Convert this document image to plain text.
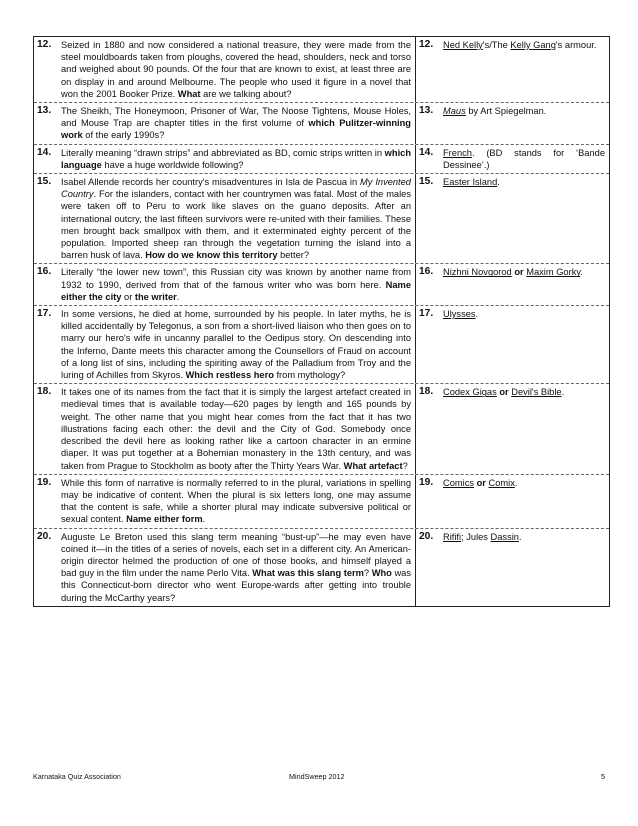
12.	Seized in 1880 and now considered a national treasure, they were made from the steel mouldboards taken from ploughs, covered the head, shoulders, neck and torso and weighed about 90 pounds. Of the four that are known to exist, at least three are on display in and around Melbourne. The people who used it figure in a novel that won the 2001 Booker Prize. What are we talking about?
12.	Ned Kelly's/The Kelly Gang's armour.
13.	The Sheikh, The Honeymoon, Prisoner of War, The Noose Tightens, Mouse Holes, and Mouse Trap are chapter titles in the first volume of which Pulitzer-winning work of the early 1990s?
13.	Maus by Art Spiegelman.
14.	Literally meaning “drawn strips” and abbreviated as BD, comic strips written in which language have a huge worldwide following?
14.	French. (BD stands for ‘Bande Dessinee’.)
15.	Isabel Allende records her country's misadventures in Isla de Pascua in My Invented Country. For the islanders, contact with her countrymen was fatal. Most of the males were taken off to Peru to work like slaves on the guano deposits. After an international outcry, the last fifteen survivors were re-united with their families. These men brought back smallpox with them, and it exterminated eighty percent of the population. Imported sheep ran through the vegetation turning the island into a barren husk of lava. How do we know this territory better?
15.	Easter Island.
16.	Literally “the lower new town”, this Russian city was known by another name from 1932 to 1990, derived from that of the famous writer who was born here. Name either the city or the writer.
16.	Nizhni Novgorod or Maxim Gorky.
17.	In some versions, he died at home, surrounded by his people. In later myths, he is killed accidentally by Telegonus, a son from a short-lived liaison who then goes on to marry our hero's wife in uncanny parallel to the Oedipus story. On descending into the Inferno, Dante meets this character among the Counsellors of Fraud on account of a long list of sins, including the spiriting away of the Palladium from Troy and the luring of Achilles from Skyros. Which restless hero from mythology?
17.	Ulysses.
18.	It takes one of its names from the fact that it is simply the largest artefact created in medieval times that is available today—620 pages by length and 165 pounds by weight. The other name that you might hear comes from the fact that it has two illustrations facing each other: the devil and the City of God. Somebody once described the devil here as looking rather like a cartoon character in an ermine diaper. It was put together at a Bohemian monastery in the 13th century, and was taken from Prague to Stockholm as booty after the Thirty Years War. What artefact?
18.	Codex Gigas or Devil's Bible.
19.	While this form of narrative is normally referred to in the plural, variations in spelling may be indicative of content. When the plural is six letters long, one may assume that the content is safe, while a shorter plural may indicate subversive political or sexual content. Name either form.
19.	Comics or Comix.
20.	Auguste Le Breton used this slang term meaning “bust-up”—he may even have coined it—in the titles of a series of novels, each set in a different city. An American-origin director helmed the production of one of those books, and himself played a bad guy in the film under the name Perlo Vita. What was this slang term? Who was this Connecticut-born director who went Europe-wards after getting into trouble during the McCarthy years?
20.	Rififi; Jules Dassin.
Karnataka Quiz Association	MindSweep 2012	5
